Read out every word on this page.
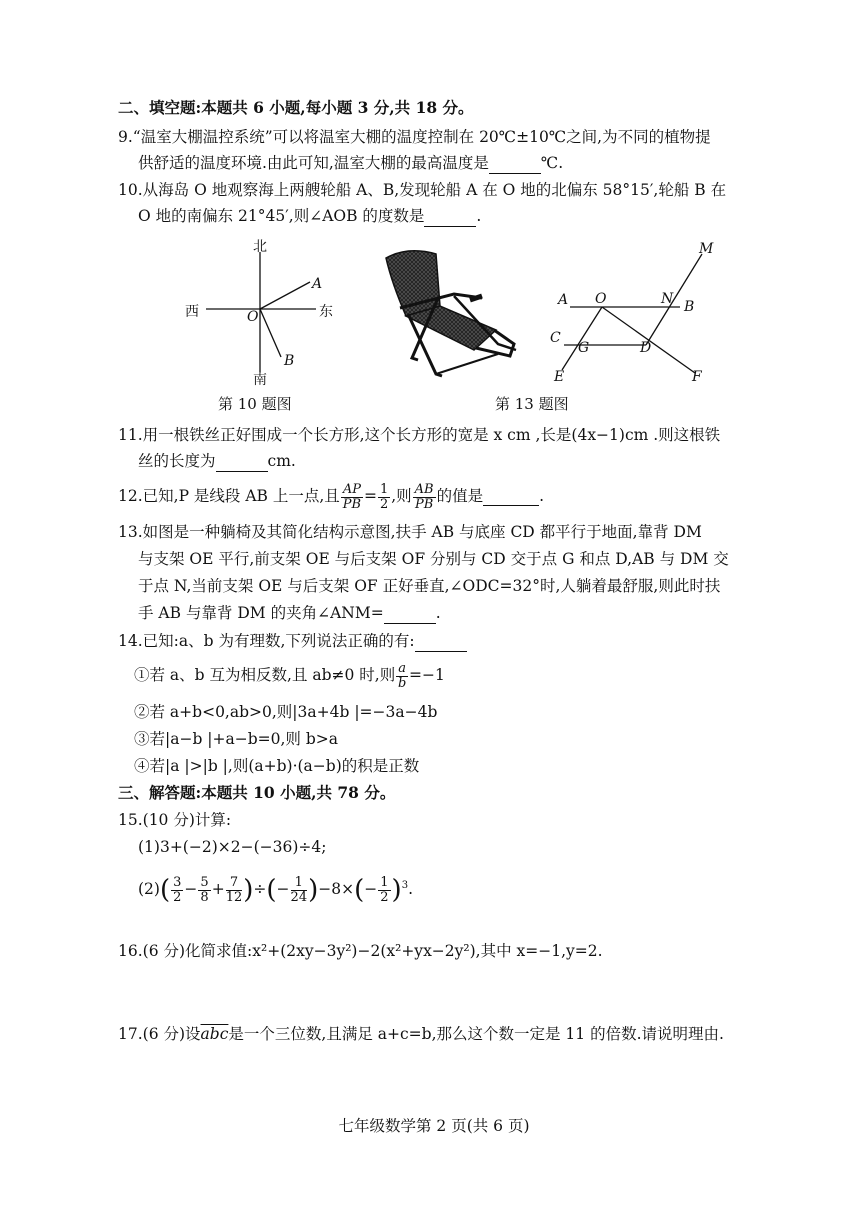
二、填空题:本题共 6 小题,每小题 3 分,共 18 分。
9.“温室大棚温控系统”可以将温室大棚的温度控制在 20℃±10℃之间,为不同的植物提
供舒适的温度环境.由此可知,温室大棚的最高温度是	℃.
10.从海岛 O 地观察海上两艘轮船 A、B,发现轮船 A 在 O 地的北偏东 58°15′,轮船 B 在
O 地的南偏东 21°45′,则∠AOB 的度数是	.
北
西	东
O
A
B
南
第 10 题图	第 13 题图
M
A O	N B
C
G	D
E	F
11.用一根铁丝正好围成一个长方形,这个长方形的宽是 x cm ,长是(4x−1)cm .则这根铁
丝的长度为	cm.
12.已知,P 是线段 AB 上一点,且 $\frac{AP}{PB} = \frac{1}{2}$ ,则 $\frac{AB}{PB}$ 的值是	.
13.如图是一种躺椅及其简化结构示意图,扶手 AB 与底座 CD 都平行于地面,靠背 DM
与支架 OE 平行,前支架 OE 与后支架 OF 分别与 CD 交于点 G 和点 D,AB 与 DM 交
于点 N,当前支架 OE 与后支架 OF 正好垂直,∠ODC=32°时,人躺着最舒服,则此时扶
手 AB 与靠背 DM 的夹角∠ANM=	.
14.已知:a、b 为有理数,下列说法正确的有:
①若 a、b 互为相反数,且 ab≠0 时,则 $\frac{a}{b} =-1$
②若 a+b<0,ab>0,则|3a+4b |=−3a−4b
③若|a−b |+a−b=0,则 b>a
④若|a |>|b |,则(a+b)·(a−b)的积是正数
三、解答题:本题共 10 小题,共 78 分。
15.(10 分)计算:
(1)3+(−2)×2−(−36)÷4;
$(2)( \frac{3}{2} - \frac{5}{8} + \frac{7}{12}$ )÷(− $\frac{1}{24} )-8\times(- \frac{1}{2} )^3$.
16.(6 分)化简求值:x²+(2xy−3y²)−2(x²+yx−2y²),其中 x=−1,y=2.
17.(6 分)设$\overline{abc}$是一个三位数,且满足 a+c=b,那么这个数一定是 11 的倍数.请说明理由.
七年级数学第 2 页(共 6 页)
